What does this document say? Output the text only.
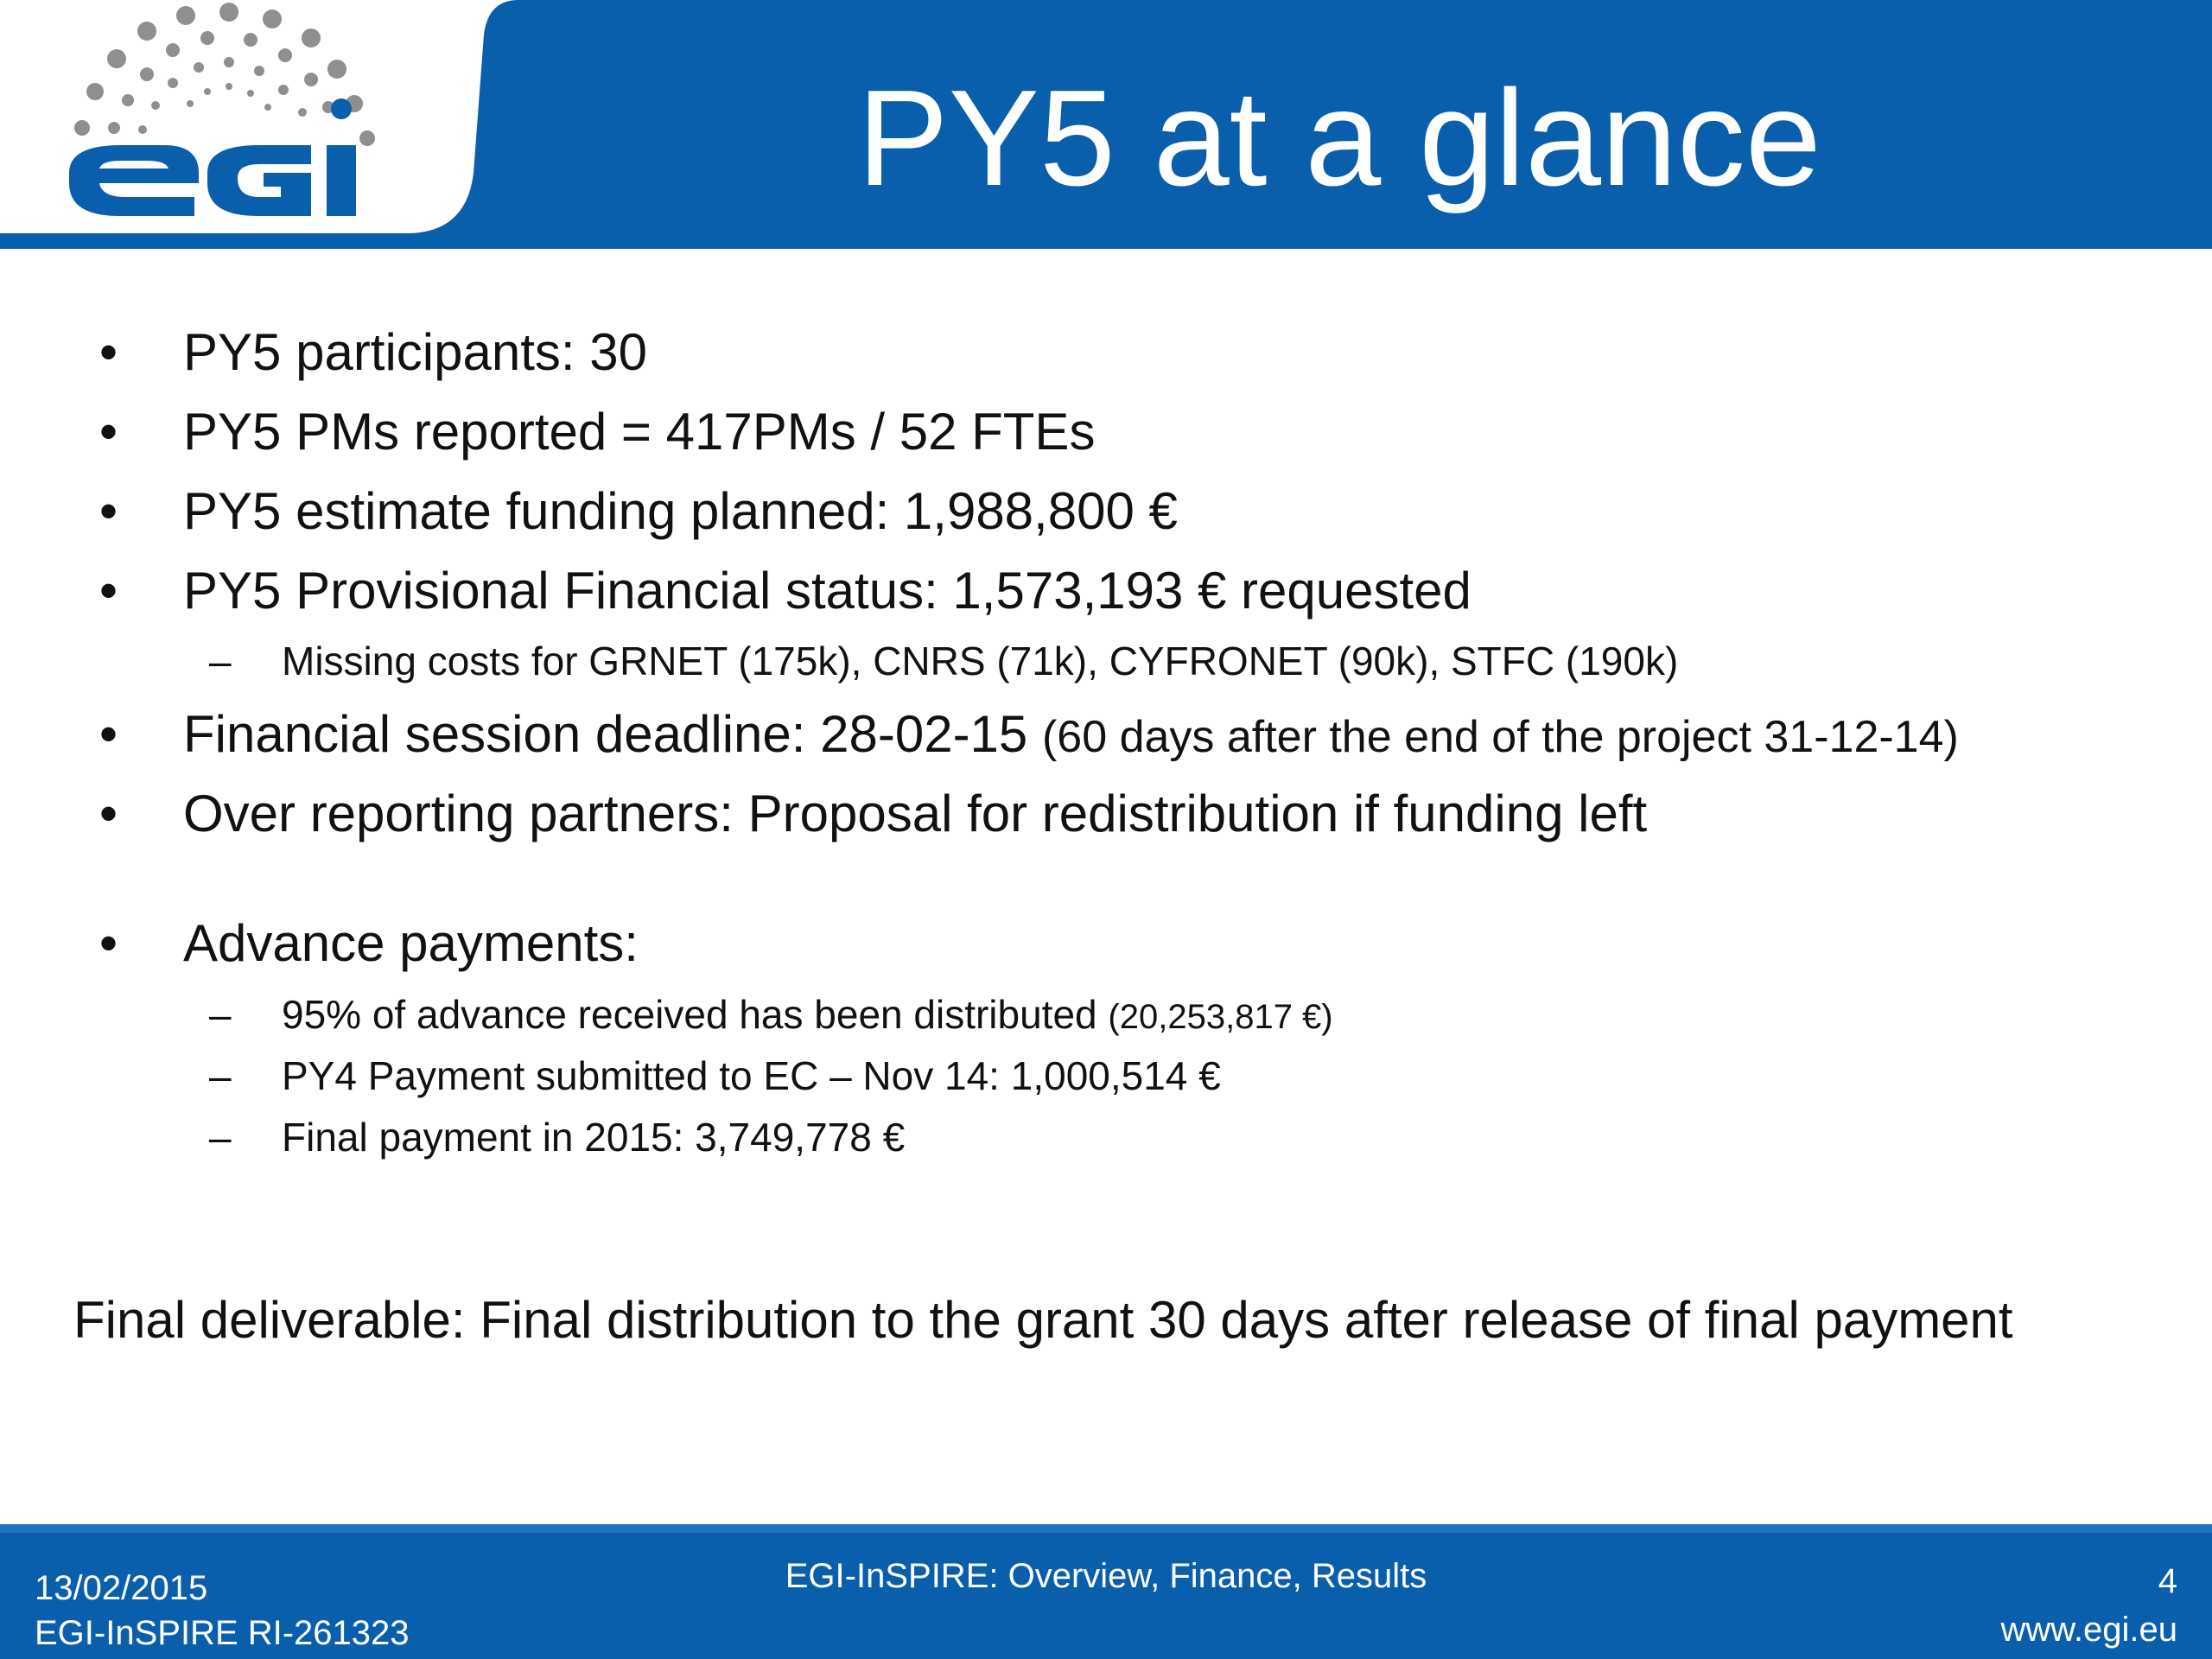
PY5 at a glance
• PY5 participants: 30
• PY5 PMs reported = 417PMs / 52 FTEs
• PY5 estimate funding planned: 1,988,800 €
• PY5 Provisional Financial status: 1,573,193 € requested
– Missing costs for GRNET (175k), CNRS (71k), CYFRONET (90k), STFC (190k)
• Financial session deadline: 28-02-15 (60 days after the end of the project 31-12-14)
• Over reporting partners: Proposal for redistribution if funding left
• Advance payments:
– 95% of advance received has been distributed (20,253,817 €)
– PY4 Payment submitted to EC – Nov 14: 1,000,514 €
– Final payment in 2015: 3,749,778 €
Final deliverable: Final distribution to the grant 30 days after release of final payment
13/02/2015
EGI-InSPIRE RI-261323
EGI-InSPIRE: Overview, Finance, Results	4
www.egi.eu
